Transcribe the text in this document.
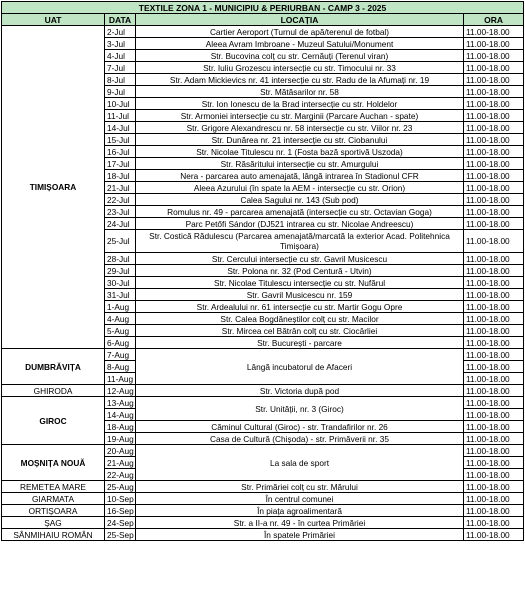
TEXTILE ZONA 1 - MUNICIPIU & PERIURBAN - CAMP 3 - 2025			
UAT	DATA	LOCAȚIA	ORA
TIMIȘOARA	2-Jul	Cartier Aeroport (Turnul de apă/terenul de fotbal)	11.00-18.00
	3-Jul	Aleea Avram Imbroane - Muzeul Satului/Monument	11.00-18.00
	4-Jul	Str. Bucovina colț cu str. Cernăuți (Terenul viran)	11.00-18.00
	7-Jul	Str. Iuliu Grozescu intersecție cu str. Timocului nr. 33	11.00-18.00
	8-Jul	Str. Adam Mickievics nr. 41 intersecție cu str. Radu de la Afumați nr. 19	11.00-18.00
	9-Jul	Str. Mătăsarilor nr. 58	11.00-18.00
	10-Jul	Str. Ion Ionescu de la Brad intersecție cu str. Holdelor	11.00-18.00
	11-Jul	Str. Armoniei intersecție cu str. Marginii (Parcare Auchan - spate)	11.00-18.00
	14-Jul	Str. Grigore Alexandrescu nr. 58 intersecție cu str. Viilor nr. 23	11.00-18.00
	15-Jul	Str. Dunărea nr. 21 intersecție cu str. Ciobanului	11.00-18.00
	16-Jul	Str. Nicolae Titulescu nr. 1 (Fosta bază sportivă Uszoda)	11.00-18.00
	17-Jul	Str. Răsăritului intersecție cu str. Amurgului	11.00-18.00
	18-Jul	Nera - parcarea auto amenajată, lângă intrarea în Stadionul CFR	11.00-18.00
	21-Jul	Aleea Azurului (în spate la AEM - intersecție cu str. Orion)	11.00-18.00
	22-Jul	Calea Sagului nr. 143 (Sub pod)	11.00-18.00
	23-Jul	Romulus nr. 49 - parcarea amenajată (intersecție cu str. Octavian Goga)	11.00-18.00
	24-Jul	Parc Petőfi Sándor (DJ521 intrarea cu str. Nicolae Andreescu)	11.00-18.00
	25-Jul	Str. Costică Rădulescu (Parcarea amenajată/marcată la exterior Acad. Politehnica Timișoara)	11.00-18.00
	28-Jul	Str. Cercului intersecție cu str. Gavril Musicescu	11.00-18.00
	29-Jul	Str. Polona nr. 32 (Pod Centură - Utvin)	11.00-18.00
	30-Jul	Str. Nicolae Titulescu intersecție cu str. Nufărul	11.00-18.00
	31-Jul	Str. Gavril Musicescu nr. 159	11.00-18.00
	1-Aug	Str. Ardealului nr. 61 intersecție cu str. Martir Gogu Opre	11.00-18.00
	4-Aug	Str. Calea Bogdăneștilor colț cu str. Macilor	11.00-18.00
	5-Aug	Str. Mircea cel Bătrân colț cu str. Ciocârliei	11.00-18.00
	6-Aug	Str. București - parcare	11.00-18.00
DUMBRĂVIȚA	7-Aug	Lângă incubatorul de Afaceri	11.00-18.00
	8-Aug		11.00-18.00
	11-Aug		11.00-18.00
GHIRODA	12-Aug	Str. Victoria după pod	11.00-18.00
GIROC	13-Aug	Str. Unității, nr. 3 (Giroc)	11.00-18.00
	14-Aug		11.00-18.00
	18-Aug	Căminul Cultural (Giroc) - str. Trandafirilor nr. 26	11.00-18.00
	19-Aug	Casa de Cultură (Chișoda) - str. Primăverii nr. 35	11.00-18.00
MOȘNIȚA NOUĂ	20-Aug	La sala de sport	11.00-18.00
	21-Aug		11.00-18.00
	22-Aug		11.00-18.00
REMETEA MARE	25-Aug	Str. Primăriei colț cu str. Mărului	11.00-18.00
GIARMATA	10-Sep	În centrul comunei	11.00-18.00
ORTIȘOARA	16-Sep	În piața agroalimentară	11.00-18.00
ȘAG	24-Sep	Str. a II-a nr. 49 - în curtea Primăriei	11.00-18.00
SÂNMIHAIU ROMÂN	25-Sep	În spatele Primăriei	11.00-18.00
